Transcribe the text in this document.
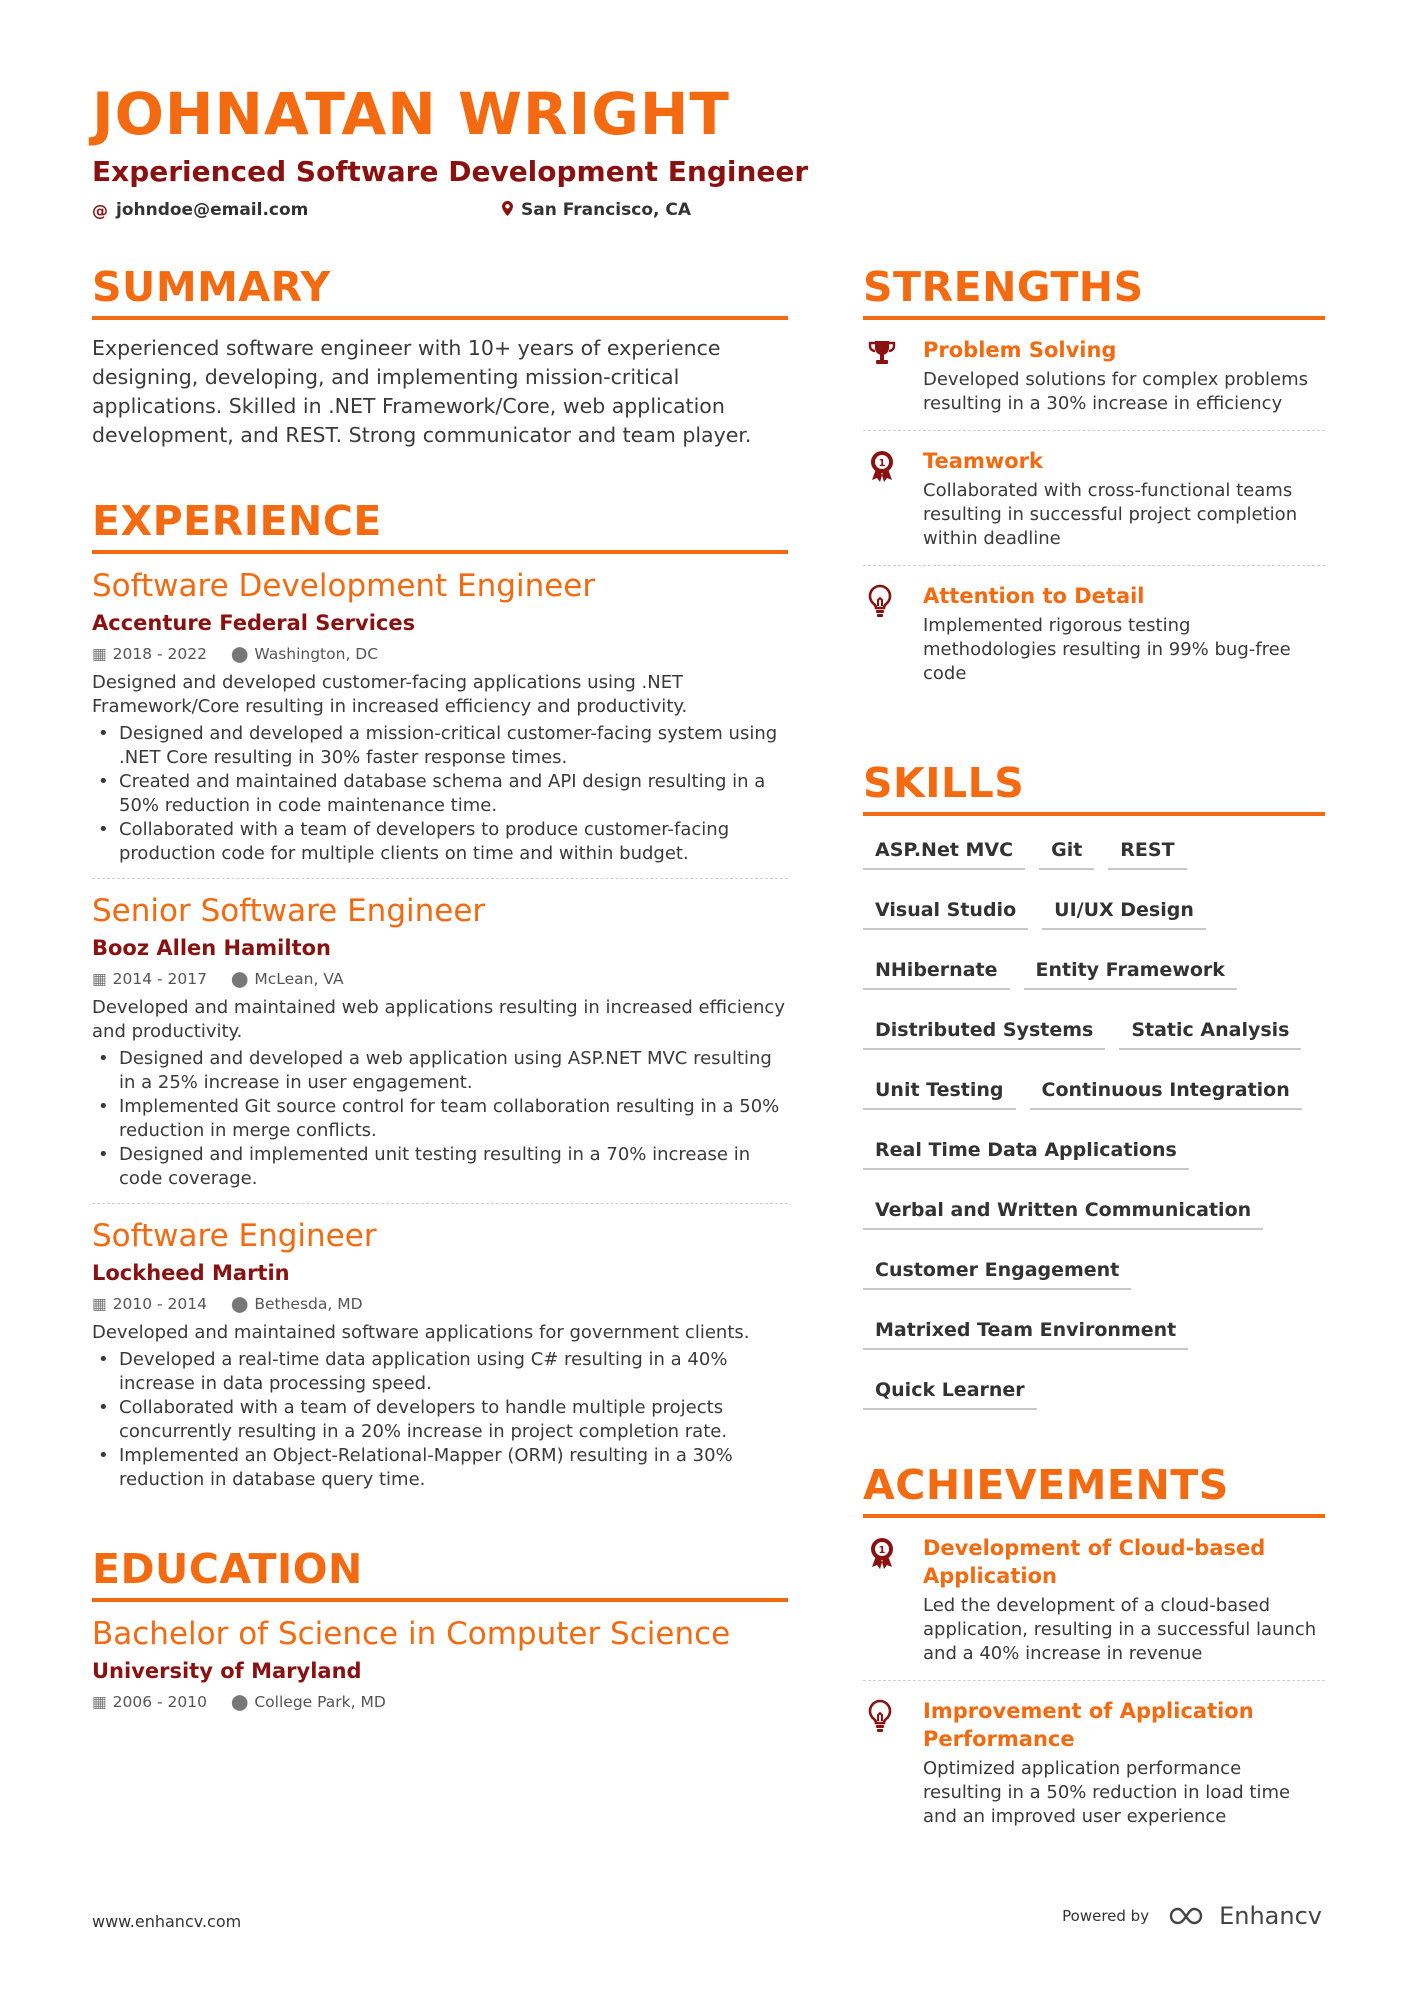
JOHNATAN WRIGHT
Experienced Software Development Engineer
@ johndoe@email.com	San Francisco, CA
SUMMARY
Experienced software engineer with 10+ years of experience designing, developing, and implementing mission-critical applications. Skilled in .NET Framework/Core, web application development, and REST. Strong communicator and team player.
EXPERIENCE
Software Development Engineer
Accenture Federal Services
▦ 2018 - 2022 ⬤ Washington, DC
Designed and developed customer-facing applications using .NET Framework/Core resulting in increased efficiency and productivity.
• Designed and developed a mission-critical customer-facing system using .NET Core resulting in 30% faster response times.
• Created and maintained database schema and API design resulting in a 50% reduction in code maintenance time.
• Collaborated with a team of developers to produce customer-facing production code for multiple clients on time and within budget.
Senior Software Engineer
Booz Allen Hamilton
▦ 2014 - 2017 ⬤ McLean, VA
Developed and maintained web applications resulting in increased efficiency and productivity.
• Designed and developed a web application using ASP.NET MVC resulting in a 25% increase in user engagement.
• Implemented Git source control for team collaboration resulting in a 50% reduction in merge conflicts.
• Designed and implemented unit testing resulting in a 70% increase in code coverage.
Software Engineer
Lockheed Martin
▦ 2010 - 2014 ⬤ Bethesda, MD
Developed and maintained software applications for government clients.
• Developed a real-time data application using C# resulting in a 40% increase in data processing speed.
• Collaborated with a team of developers to handle multiple projects concurrently resulting in a 20% increase in project completion rate.
• Implemented an Object-Relational-Mapper (ORM) resulting in a 30% reduction in database query time.
EDUCATION
Bachelor of Science in Computer Science
University of Maryland
▦ 2006 - 2010 ⬤ College Park, MD
STRENGTHS
Problem Solving
Developed solutions for complex problems resulting in a 30% increase in efficiency
1 Teamwork
Collaborated with cross-functional teams resulting in successful project completion within deadline
Attention to Detail
Implemented rigorous testing methodologies resulting in 99% bug-free code
SKILLS
ASP.Net MVC	Git	REST
Visual Studio	UI/UX Design
NHibernate	Entity Framework
Distributed Systems	Static Analysis
Unit Testing	Continuous Integration
Real Time Data Applications
Verbal and Written Communication
Customer Engagement
Matrixed Team Environment
Quick Learner
ACHIEVEMENTS
1 Development of Cloud-based Application
Led the development of a cloud-based application, resulting in a successful launch and a 40% increase in revenue
Improvement of Application Performance
Optimized application performance resulting in a 50% reduction in load time and an improved user experience
www.enhancv.com	Powered by	Enhancv
